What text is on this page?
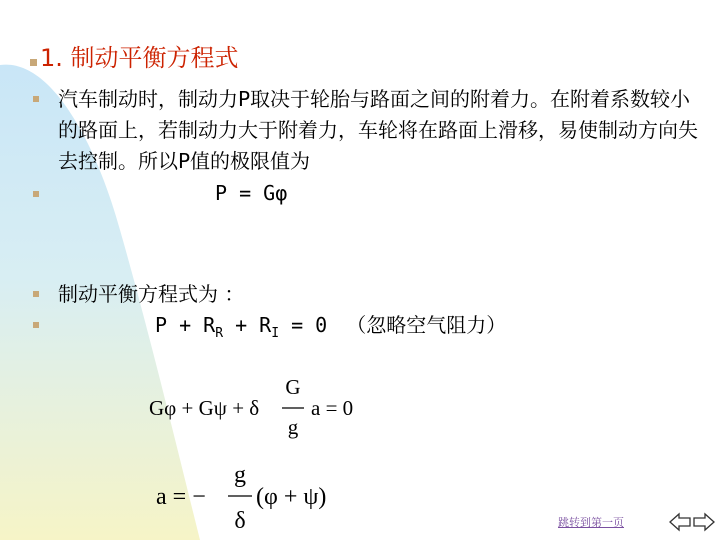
1. 制动平衡方程式
汽车制动时，制动力P取决于轮胎与路面之间的附着力。在附着系数较小的路面上，若制动力大于附着力，车轮将在路面上滑移，易使制动方向失去控制。所以P值的极限值为
P = Gφ
制动平衡方程式为 ：
$P + R_R + R_I = 0$ （忽略空气阻力）
Gφ + Gψ + δ
G
g
a = 0
a = −
g
δ
(φ + ψ)
跳转到第一页
